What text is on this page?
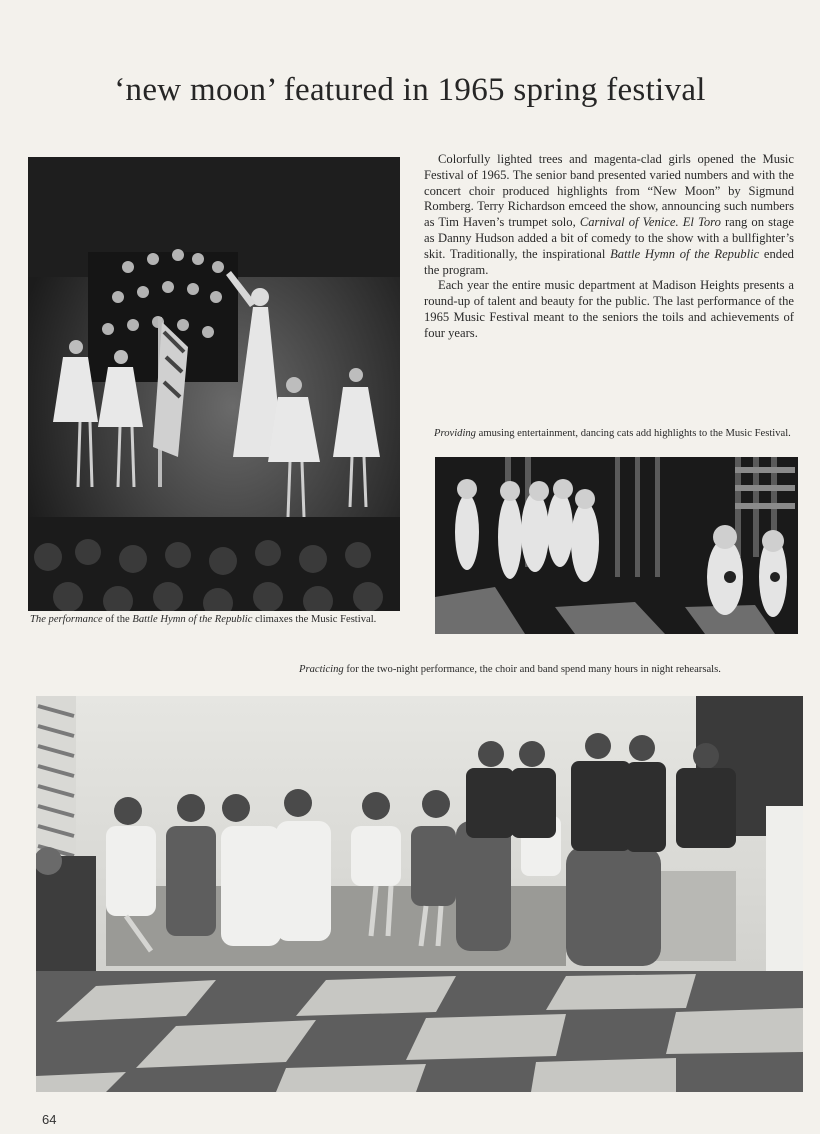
‘new moon’ featured in 1965 spring festival
The performance of the Battle Hymn of the Republic climaxes the Music Festival.

Colorfully lighted trees and magenta-clad girls opened the Music Festival of 1965. The senior band presented varied numbers and with the concert choir produced highlights from “New Moon” by Sigmund Romberg. Terry Richardson emceed the show, announcing such numbers as Tim Haven’s trumpet solo, Carnival of Venice. El Toro rang on stage as Danny Hudson added a bit of comedy to the show with a bullfighter’s skit. Traditionally, the inspirational Battle Hymn of the Republic ended the program.

Each year the entire music department at Madison Heights presents a round-up of talent and beauty for the public. The last performance of the 1965 Music Festival meant to the seniors the toils and achievements of four years.

Providing amusing entertainment, dancing cats add highlights to the Music Festival.
Practicing for the two-night performance, the choir and band spend many hours in night rehearsals.
64
